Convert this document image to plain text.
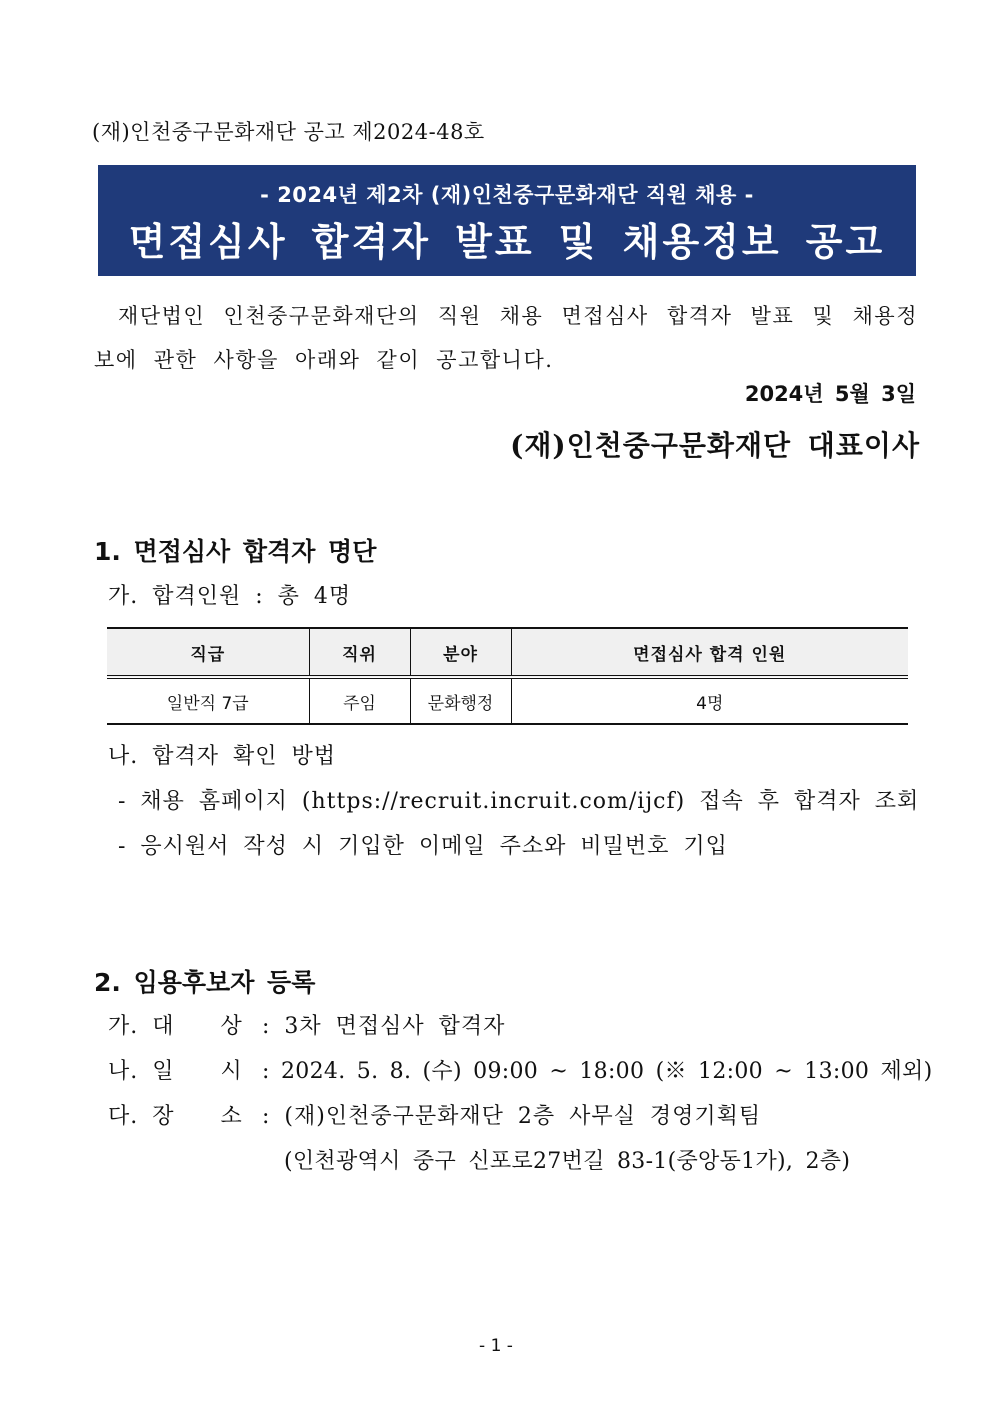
(재)인천중구문화재단 공고 제2024-48호
- 2024년 제2차 (재)인천중구문화재단 직원 채용 -
면접심사 합격자 발표 및 채용정보 공고
재단법인 인천중구문화재단의 직원 채용 면접심사 합격자 발표 및 채용정보에 관한 사항을 아래와 같이 공고합니다.
2024년 5월 3일
(재)인천중구문화재단 대표이사
1. 면접심사 합격자 명단
가. 합격인원 : 총 4명
직급	직위	분야	면접심사 합격 인원
일반직 7급	주임	문화행정	4명
나. 합격자 확인 방법
- 채용 홈페이지 (https://recruit.incruit.com/ijcf) 접속 후 합격자 조회
- 응시원서 작성 시 기입한 이메일 주소와 비밀번호 기입
2. 임용후보자 등록
가. 대　　상 : 3차 면접심사 합격자
나. 일　　시 : 2024. 5. 8. (수) 09:00 ~ 18:00 (※ 12:00 ~ 13:00 제외)
다. 장　　소 : (재)인천중구문화재단 2층 사무실 경영기획팀
(인천광역시 중구 신포로27번길 83-1(중앙동1가), 2층)
- 1 -
